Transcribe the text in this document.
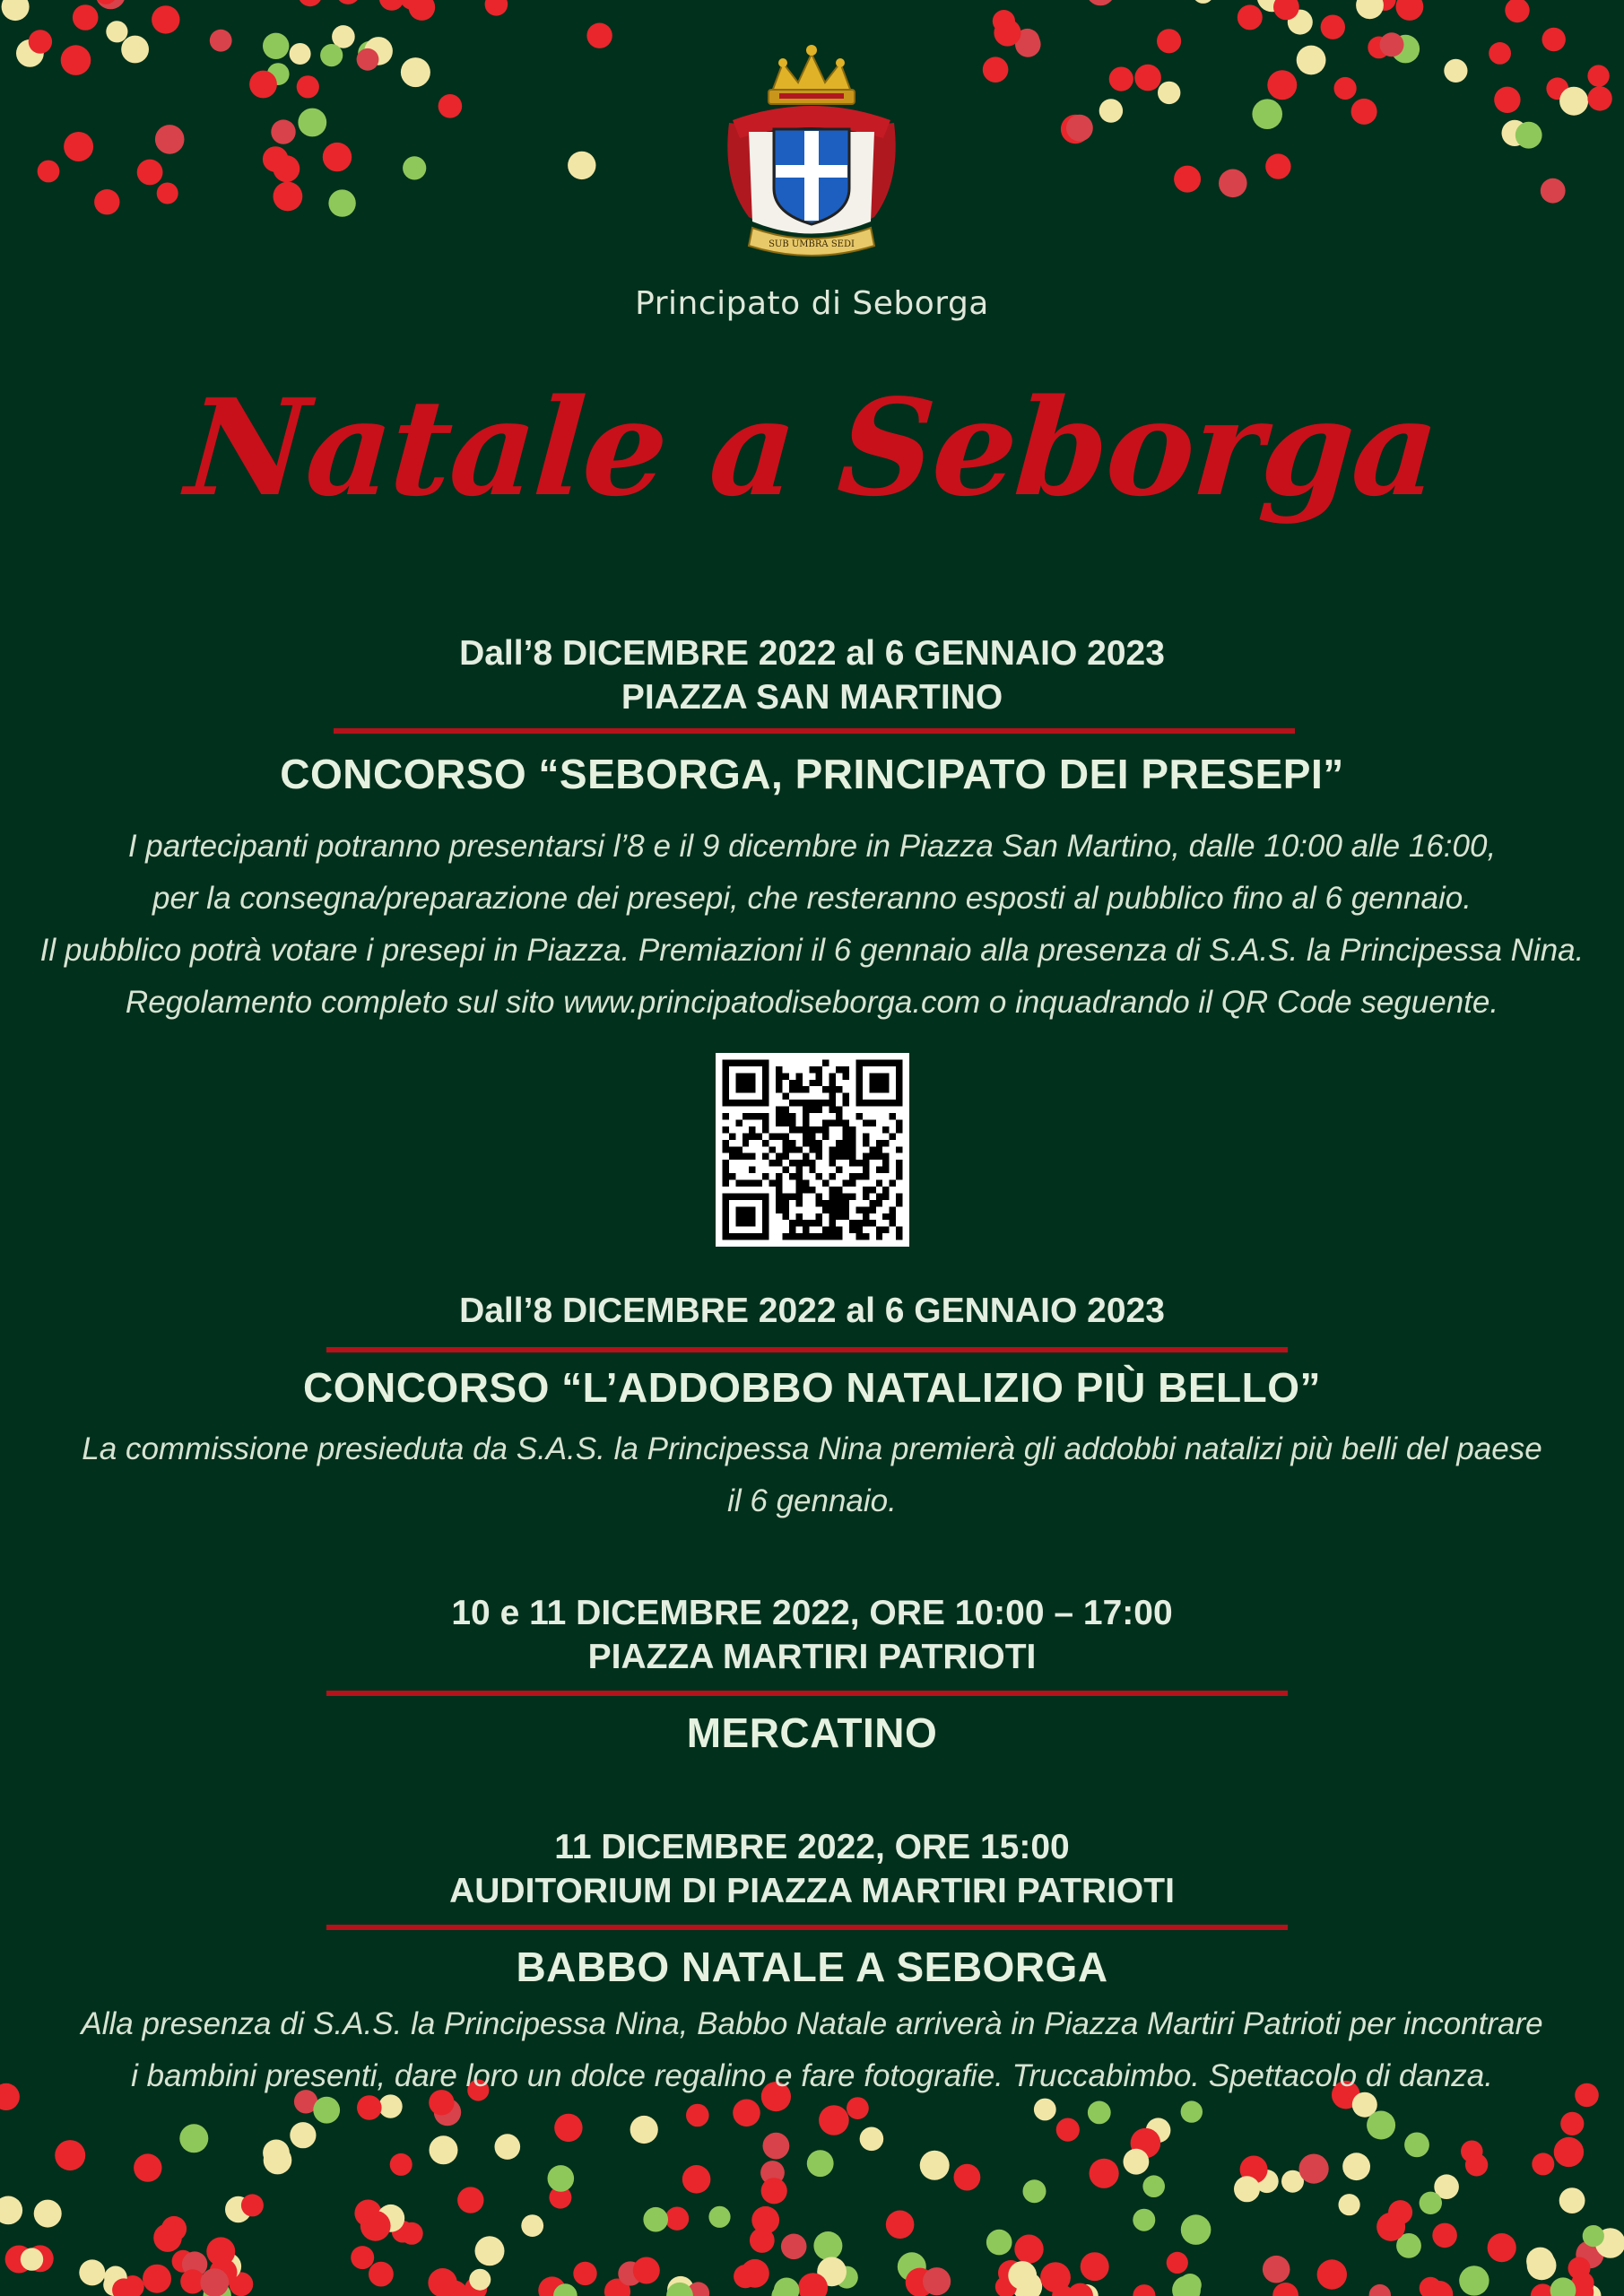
SUB UMBRA SEDI
Principato di Seborga
Natale a Seborga
Dall’8 DICEMBRE 2022 al 6 GENNAIO 2023
PIAZZA SAN MARTINO
CONCORSO “SEBORGA, PRINCIPATO DEI PRESEPI”
I partecipanti potranno presentarsi l’8 e il 9 dicembre in Piazza San Martino, dalle 10:00 alle 16:00,
per la consegna/preparazione dei presepi, che resteranno esposti al pubblico fino al 6 gennaio.
Il pubblico potrà votare i presepi in Piazza. Premiazioni il 6 gennaio alla presenza di S.A.S. la Principessa Nina.
Regolamento completo sul sito www.principatodiseborga.com o inquadrando il QR Code seguente.
Dall’8 DICEMBRE 2022 al 6 GENNAIO 2023
CONCORSO “L’ADDOBBO NATALIZIO PIÙ BELLO”
La commissione presieduta da S.A.S. la Principessa Nina premierà gli addobbi natalizi più belli del paese
il 6 gennaio.
10 e 11 DICEMBRE 2022, ORE 10:00 – 17:00
PIAZZA MARTIRI PATRIOTI
MERCATINO
11 DICEMBRE 2022, ORE 15:00
AUDITORIUM DI PIAZZA MARTIRI PATRIOTI
BABBO NATALE A SEBORGA
Alla presenza di S.A.S. la Principessa Nina, Babbo Natale arriverà in Piazza Martiri Patrioti per incontrare
i bambini presenti, dare loro un dolce regalino e fare fotografie. Truccabimbo. Spettacolo di danza.
